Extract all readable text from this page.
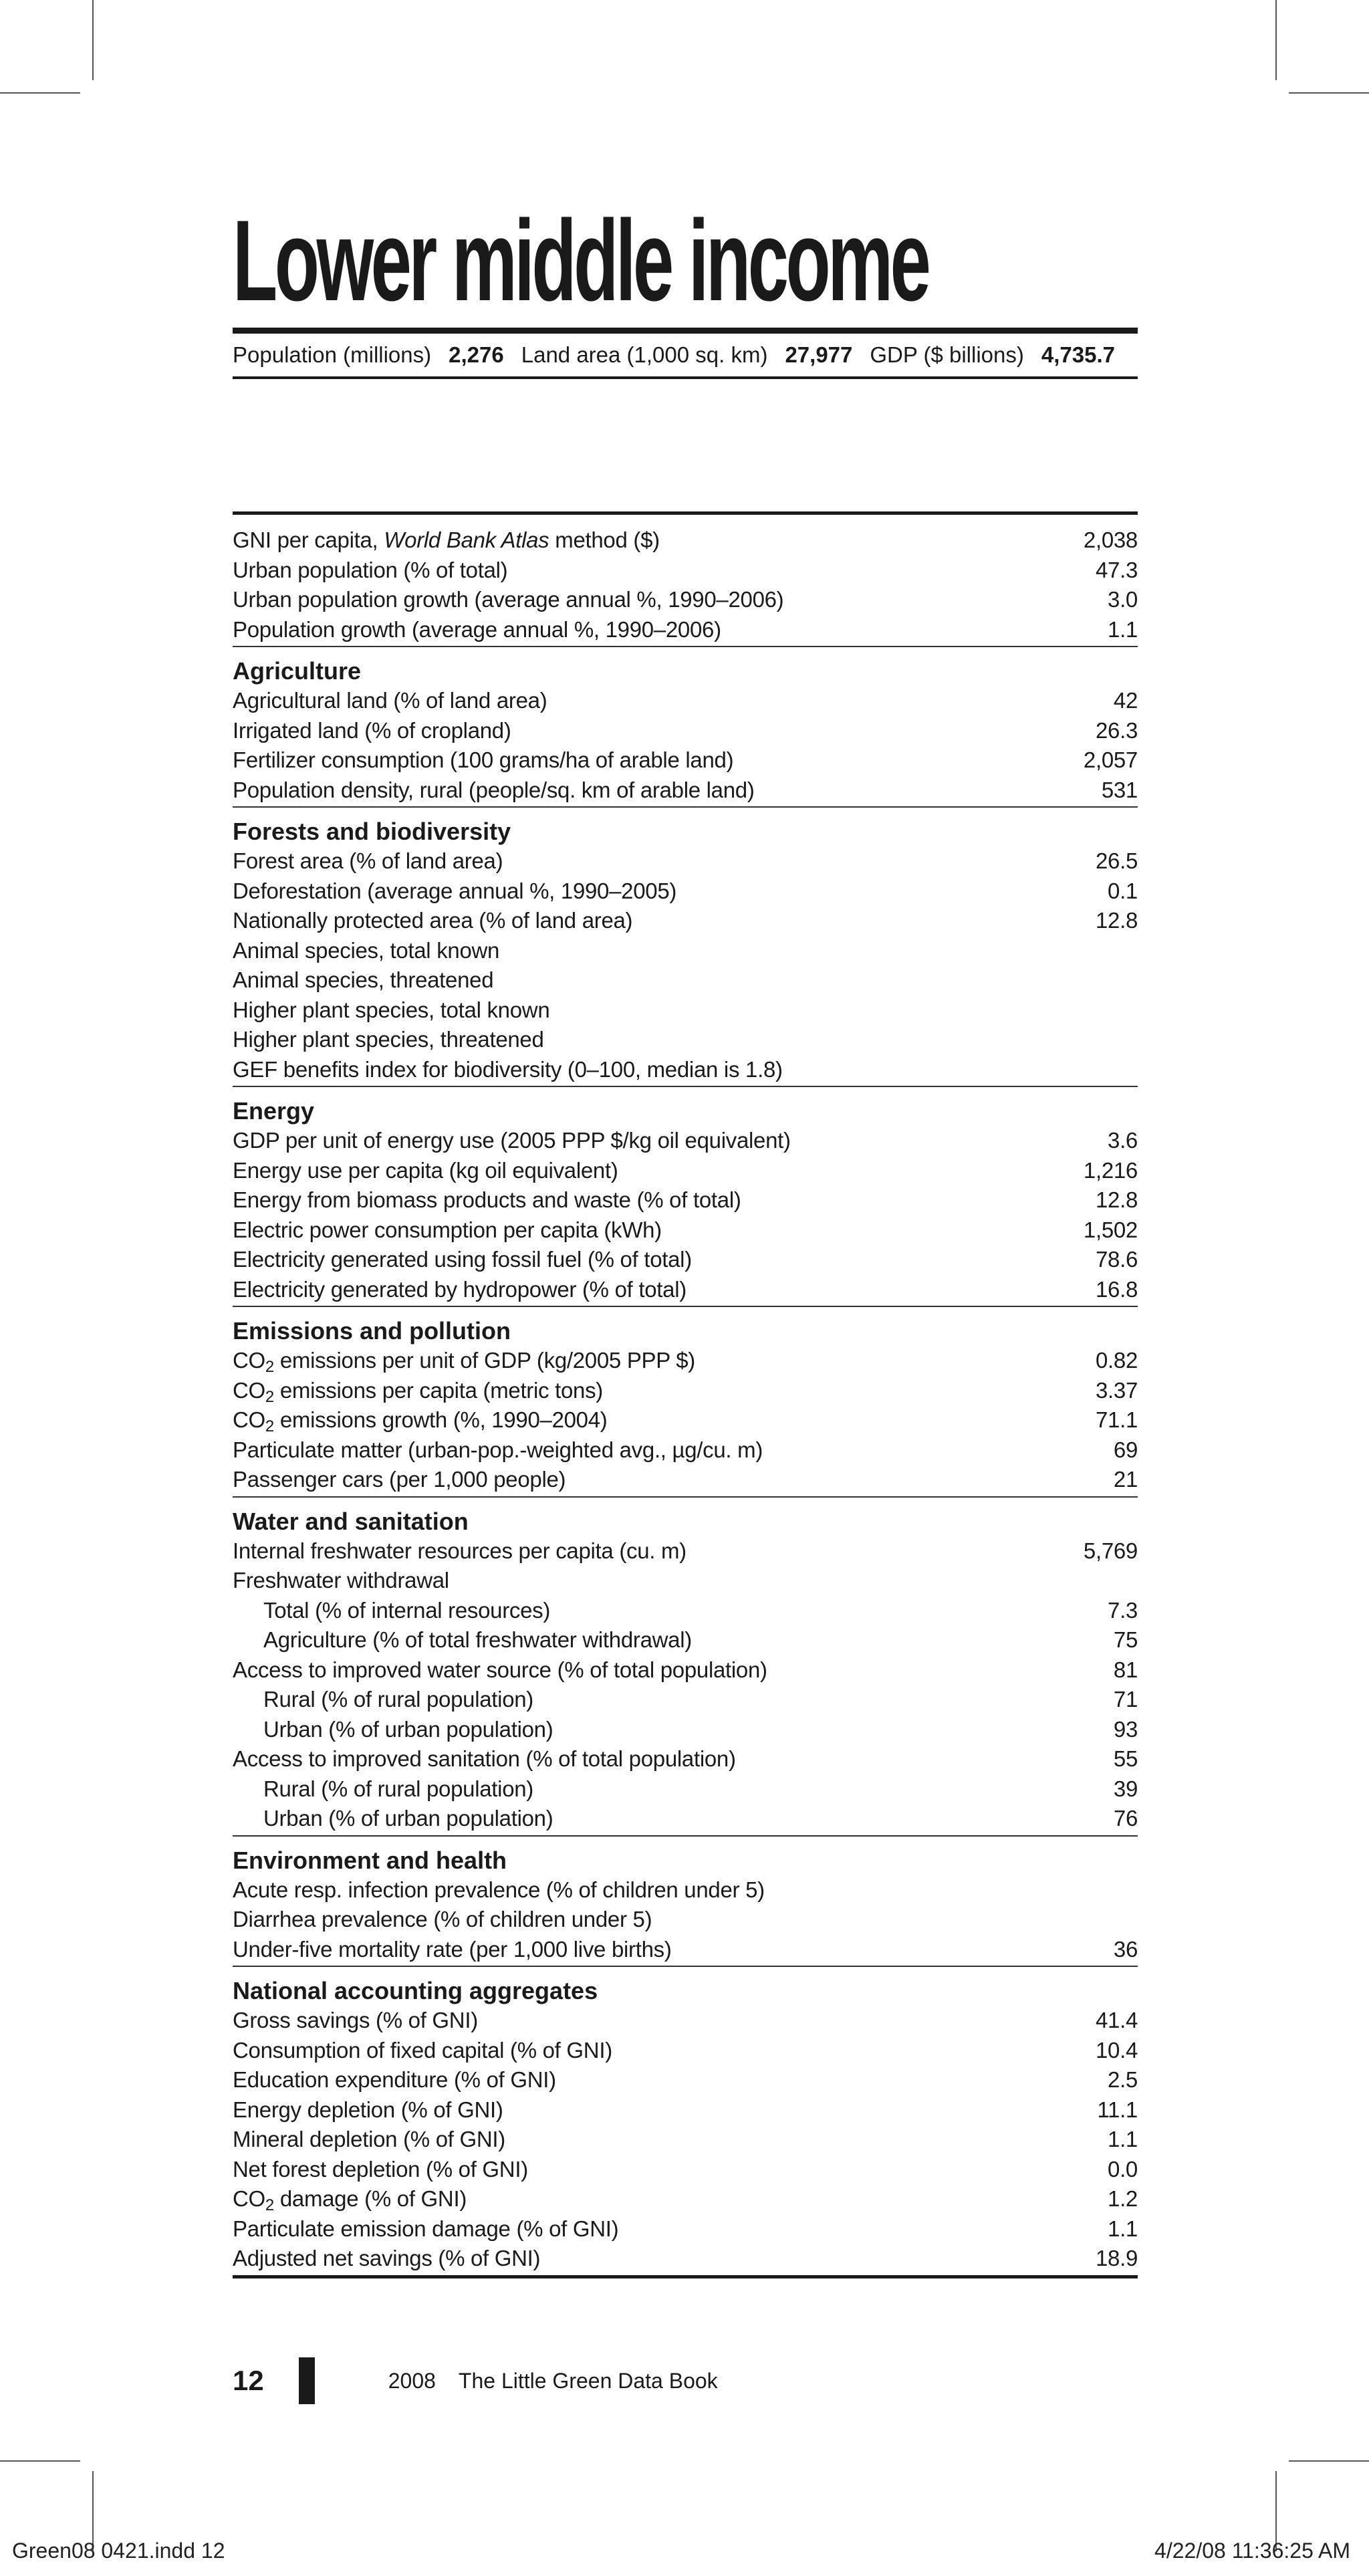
Lower middle income
Population (millions) 2,276 Land area (1,000 sq. km) 27,977 GDP ($ billions) 4,735.7
GNI per capita, World Bank Atlas method ($)	2,038
Urban population (% of total)	47.3
Urban population growth (average annual %, 1990–2006)	3.0
Population growth (average annual %, 1990–2006)	1.1
Agriculture
Agricultural land (% of land area)	42
Irrigated land (% of cropland)	26.3
Fertilizer consumption (100 grams/ha of arable land)	2,057
Population density, rural (people/sq. km of arable land)	531
Forests and biodiversity
Forest area (% of land area)	26.5
Deforestation (average annual %, 1990–2005)	0.1
Nationally protected area (% of land area)	12.8
Animal species, total known
Animal species, threatened
Higher plant species, total known
Higher plant species, threatened
GEF benefits index for biodiversity (0–100, median is 1.8)
Energy
GDP per unit of energy use (2005 PPP $/kg oil equivalent)	3.6
Energy use per capita (kg oil equivalent)	1,216
Energy from biomass products and waste (% of total)	12.8
Electric power consumption per capita (kWh)	1,502
Electricity generated using fossil fuel (% of total)	78.6
Electricity generated by hydropower (% of total)	16.8
Emissions and pollution
$CO_2$ emissions per unit of GDP (kg/2005 PPP $)	0.82
$CO_2$ emissions per capita (metric tons)	3.37
$CO_2$ emissions growth (%, 1990–2004)	71.1
Particulate matter (urban-pop.-weighted avg., µg/cu. m)	69
Passenger cars (per 1,000 people)	21
Water and sanitation
Internal freshwater resources per capita (cu. m)	5,769
Freshwater withdrawal
Total (% of internal resources)	7.3
Agriculture (% of total freshwater withdrawal)	75
Access to improved water source (% of total population)	81
Rural (% of rural population)	71
Urban (% of urban population)	93
Access to improved sanitation (% of total population)	55
Rural (% of rural population)	39
Urban (% of urban population)	76
Environment and health
Acute resp. infection prevalence (% of children under 5)
Diarrhea prevalence (% of children under 5)
Under-five mortality rate (per 1,000 live births)	36
National accounting aggregates
Gross savings (% of GNI)	41.4
Consumption of fixed capital (% of GNI)	10.4
Education expenditure (% of GNI)	2.5
Energy depletion (% of GNI)	11.1
Mineral depletion (% of GNI)	1.1
Net forest depletion (% of GNI)	0.0
$CO_2$ damage (% of GNI)	1.2
Particulate emission damage (% of GNI)	1.1
Adjusted net savings (% of GNI)	18.9
12	2008 The Little Green Data Book
Green08 0421.indd 12	4/22/08 11:36:25 AM
